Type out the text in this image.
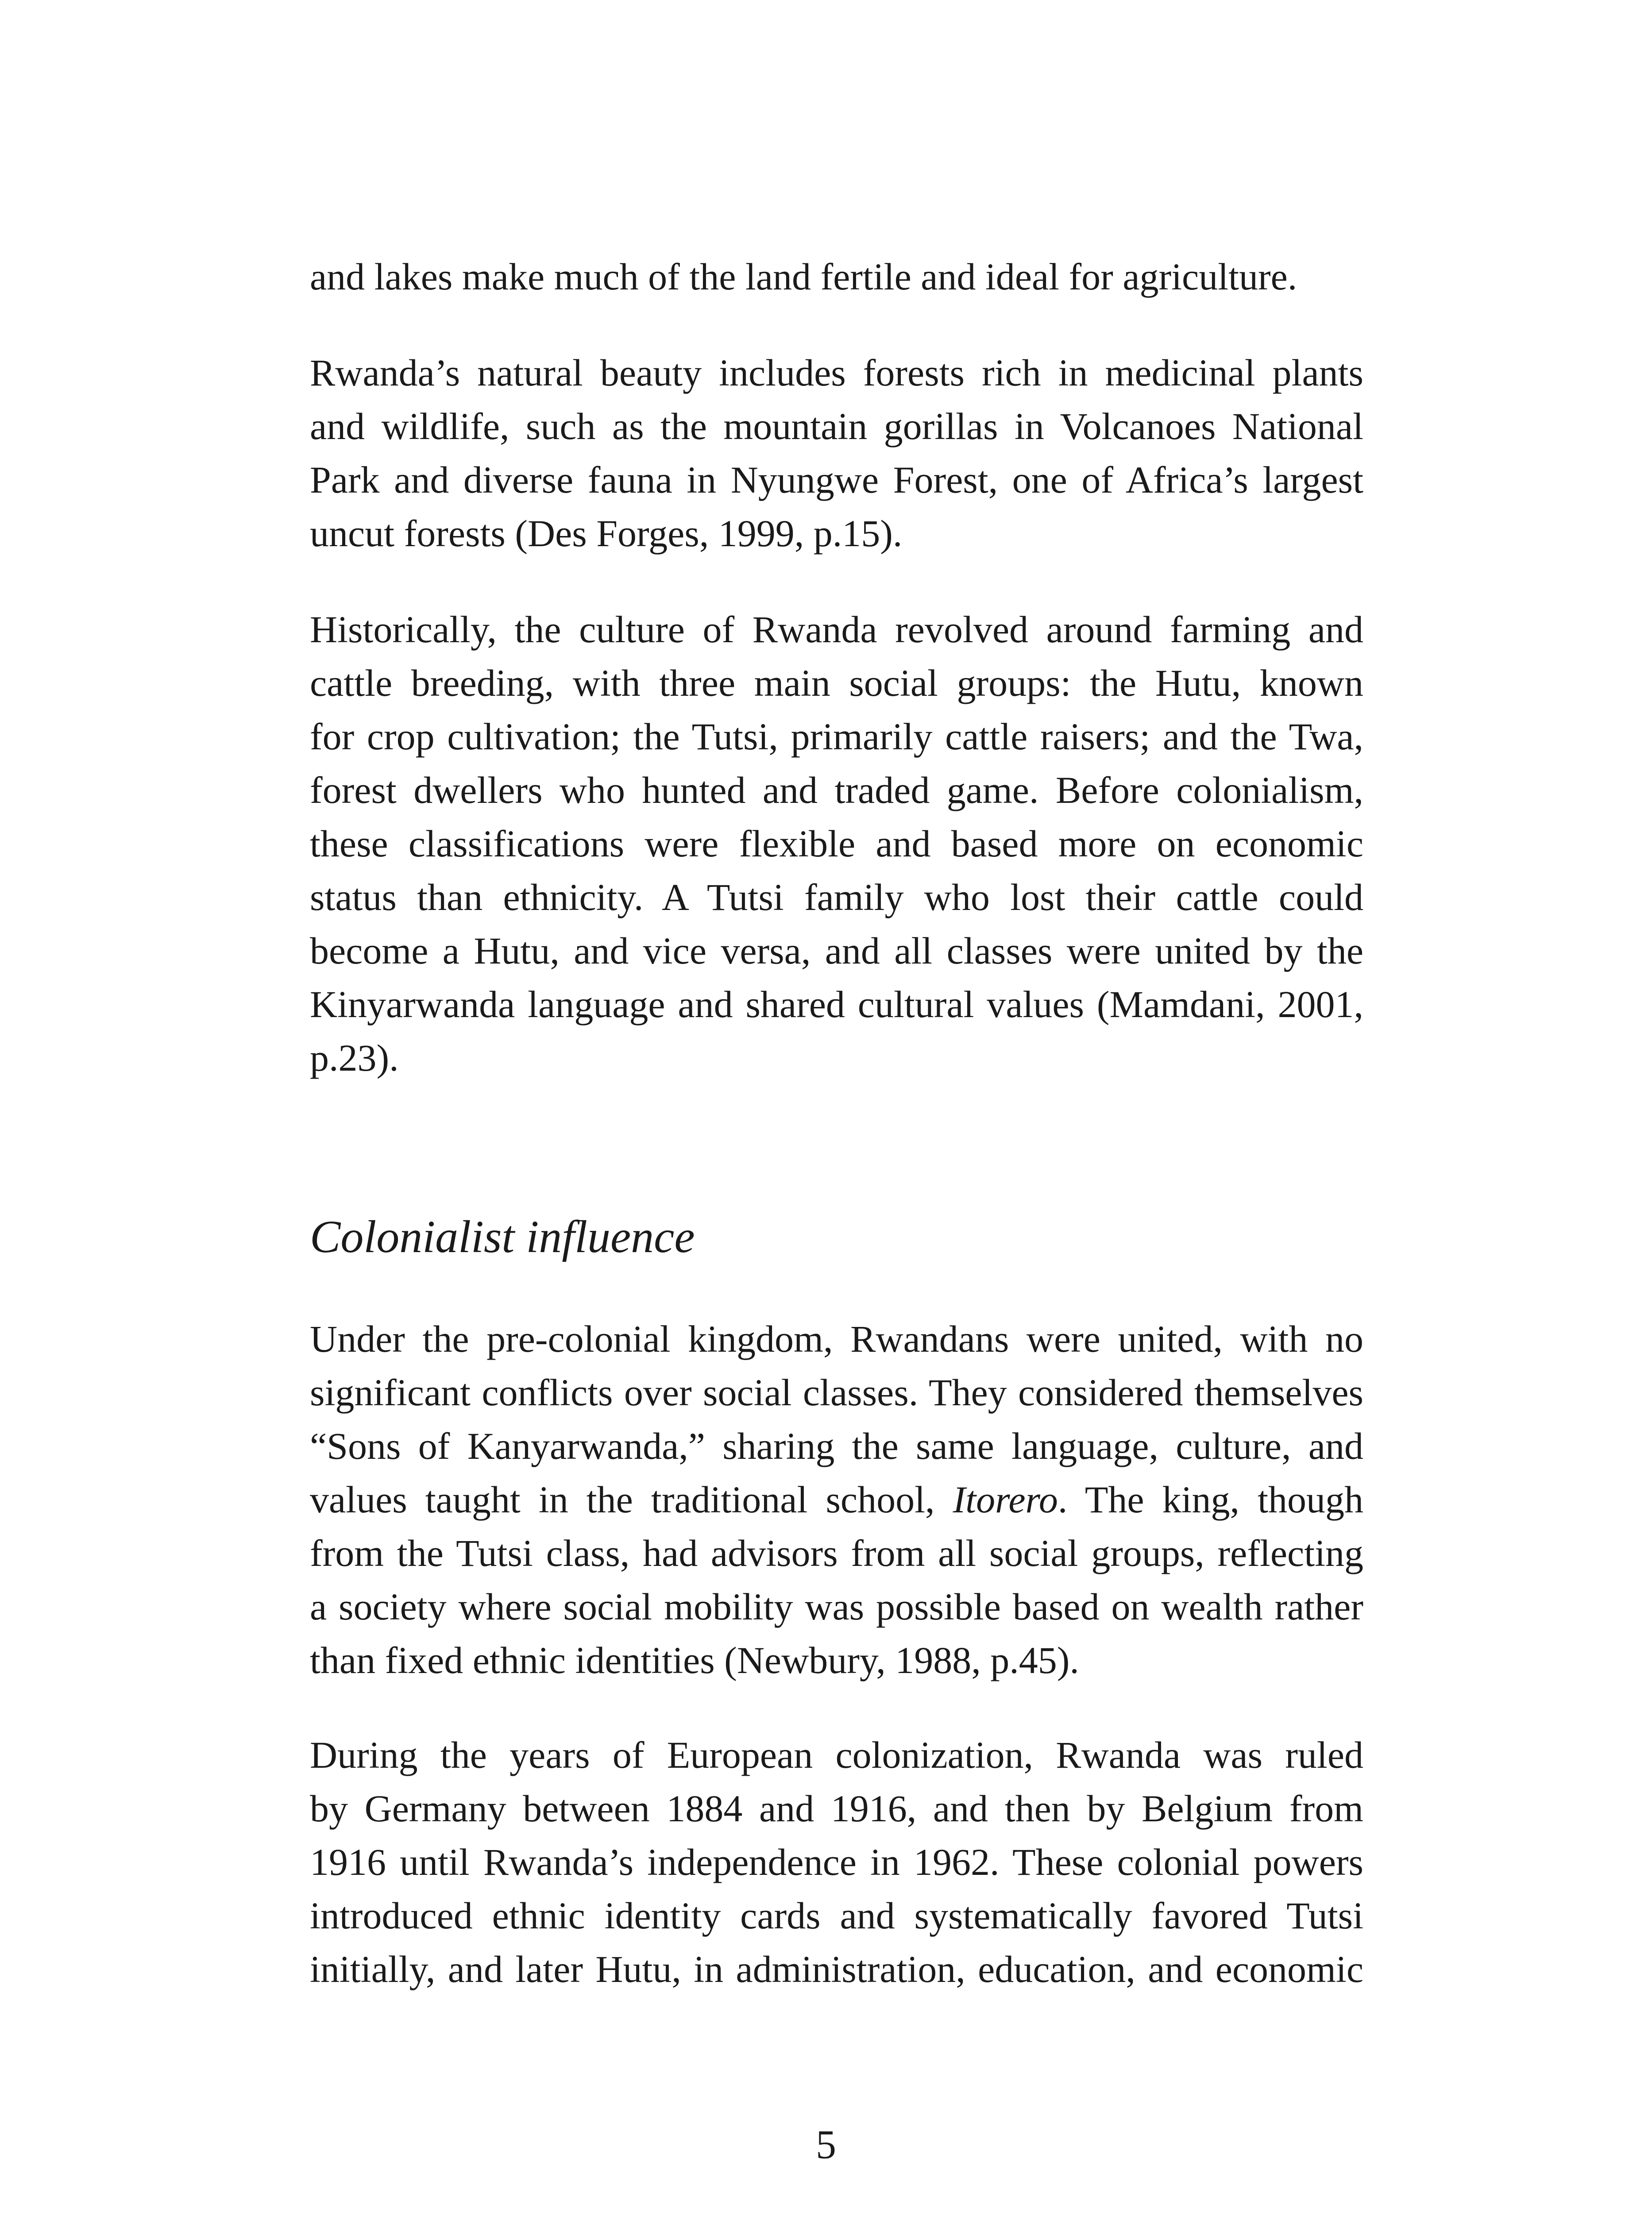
and lakes make much of the land fertile and ideal for agriculture.

Rwanda’s natural beauty includes forests rich in medicinal plants
and wildlife, such as the mountain gorillas in Volcanoes National
Park and diverse fauna in Nyungwe Forest, one of Africa’s largest
uncut forests (Des Forges, 1999, p.15).

Historically, the culture of Rwanda revolved around farming and
cattle breeding, with three main social groups: the Hutu, known
for crop cultivation; the Tutsi, primarily cattle raisers; and the Twa,
forest dwellers who hunted and traded game. Before colonialism,
these classifications were flexible and based more on economic
status than ethnicity. A Tutsi family who lost their cattle could
become a Hutu, and vice versa, and all classes were united by the
Kinyarwanda language and shared cultural values (Mamdani, 2001,
p.23).

Colonialist influence

Under the pre-colonial kingdom, Rwandans were united, with no
significant conflicts over social classes. They considered themselves
“Sons of Kanyarwanda,” sharing the same language, culture, and
values taught in the traditional school, Itorero. The king, though
from the Tutsi class, had advisors from all social groups, reflecting
a society where social mobility was possible based on wealth rather
than fixed ethnic identities (Newbury, 1988, p.45).

During the years of European colonization, Rwanda was ruled
by Germany between 1884 and 1916, and then by Belgium from
1916 until Rwanda’s independence in 1962. These colonial powers
introduced ethnic identity cards and systematically favored Tutsi
initially, and later Hutu, in administration, education, and economic

5
